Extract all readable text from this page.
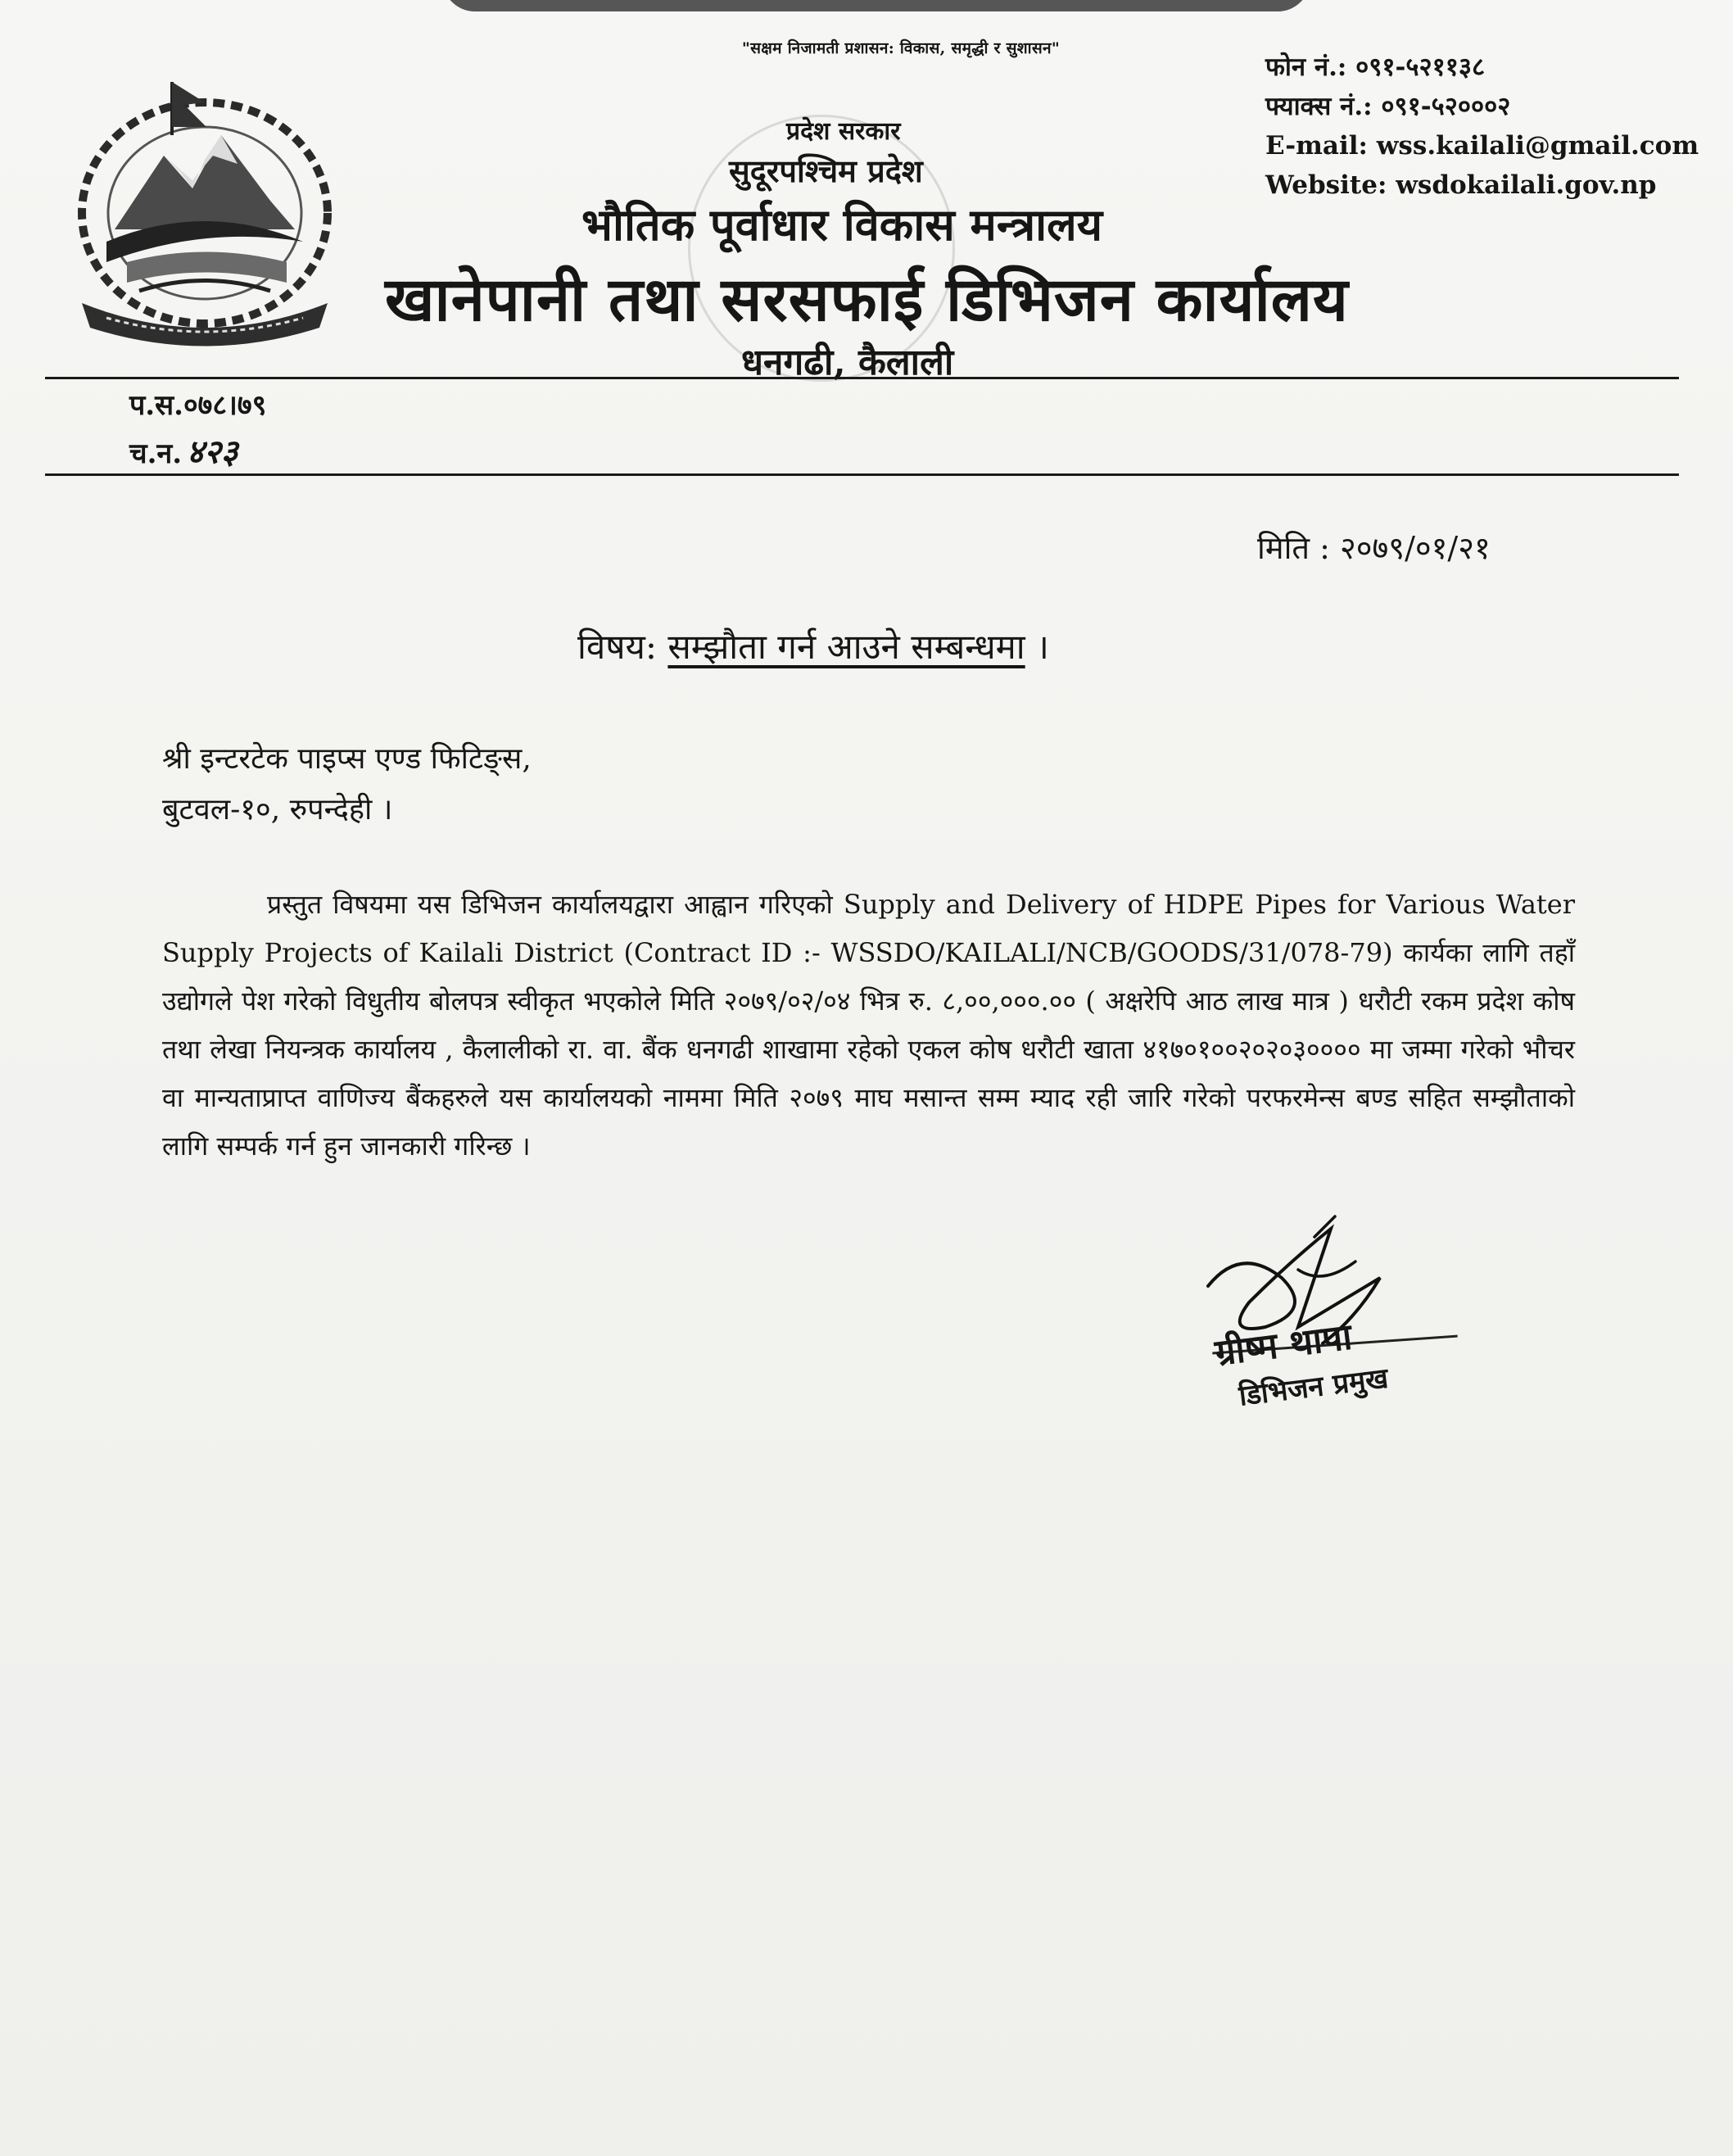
"सक्षम निजामती प्रशासन: विकास, समृद्धी र सुशासन"
प्रदेश सरकार
सुदूरपश्चिम प्रदेश
भौतिक पूर्वाधार विकास मन्त्रालय
खानेपानी तथा सरसफाई डिभिजन कार्यालय
धनगढी, कैलाली
फोन नं.: ०९१-५२११३८
फ्याक्स नं.: ०९१-५२०००२
E-mail: wss.kailali@gmail.com
Website: wsdokailali.gov.np
प.स.०७८।७९
च.न. ४२३
मिति : २०७९/०१/२१
विषय: सम्झौता गर्न आउने सम्बन्धमा ।
श्री इन्टरटेक पाइप्स एण्ड फिटिङ्स,
बुटवल-१०, रुपन्देही ।
प्रस्तुत विषयमा यस डिभिजन कार्यालयद्वारा आह्वान गरिएको Supply and Delivery of HDPE Pipes for Various Water Supply Projects of Kailali District (Contract ID :- WSSDO/KAILALI/NCB/GOODS/31/078-79) कार्यका लागि तहाँ उद्योगले पेश गरेको विधुतीय बोलपत्र स्वीकृत भएकोले मिति २०७९/०२/०४ भित्र रु. ८,००,०००.०० ( अक्षरेपि आठ लाख मात्र ) धरौटी रकम प्रदेश कोष तथा लेखा नियन्त्रक कार्यालय , कैलालीको रा. वा. बैंक धनगढी शाखामा रहेको एकल कोष धरौटी खाता ४१७०१००२०२०३०००० मा जम्मा गरेको भौचर वा मान्यताप्राप्त वाणिज्य बैंकहरुले यस कार्यालयको नाममा मिति २०७९ माघ मसान्त सम्म म्याद रही जारि गरेको परफरमेन्स बण्ड सहित सम्झौताको लागि सम्पर्क गर्न हुन जानकारी गरिन्छ ।
ग्रीष्म थापा
डिभिजन प्रमुख
